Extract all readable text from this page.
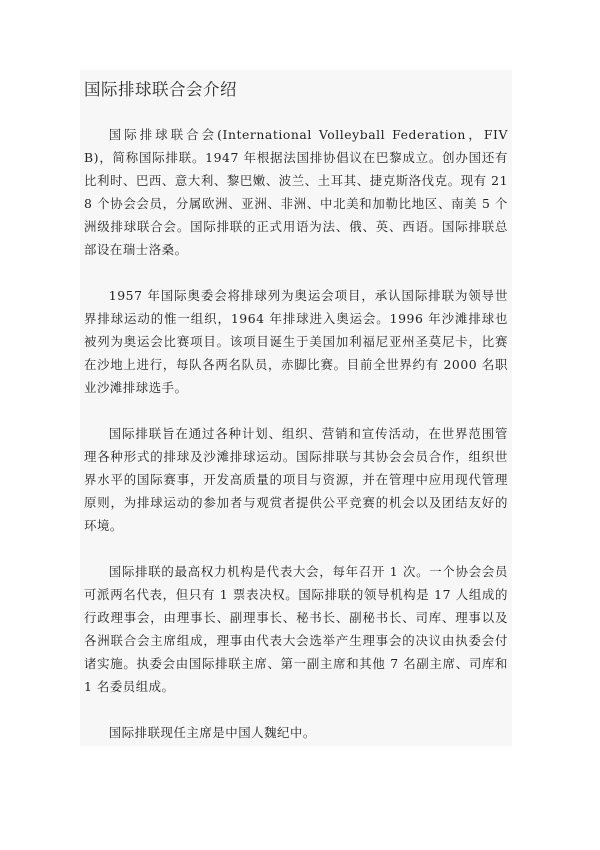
国际排球联合会介绍

国际排球联合会(International Volleyball Federation，FIVB)，简称国际排联。1947 年根据法国排协倡议在巴黎成立。创办国还有比利时、巴西、意大利、黎巴嫩、波兰、土耳其、捷克斯洛伐克。现有 218 个协会会员，分属欧洲、亚洲、非洲、中北美和加勒比地区、南美 5 个洲级排球联合会。国际排联的正式用语为法、俄、英、西语。国际排联总部设在瑞士洛桑。

1957 年国际奥委会将排球列为奥运会项目，承认国际排联为领导世界排球运动的惟一组织，1964 年排球进入奥运会。1996 年沙滩排球也被列为奥运会比赛项目。该项目诞生于美国加利福尼亚州圣莫尼卡，比赛在沙地上进行，每队各两名队员，赤脚比赛。目前全世界约有 2000 名职业沙滩排球选手。

国际排联旨在通过各种计划、组织、营销和宣传活动，在世界范围管理各种形式的排球及沙滩排球运动。国际排联与其协会会员合作，组织世界水平的国际赛事，开发高质量的项目与资源，并在管理中应用现代管理原则，为排球运动的参加者与观赏者提供公平竞赛的机会以及团结友好的环境。

国际排联的最高权力机构是代表大会，每年召开 1 次。一个协会会员可派两名代表，但只有 1 票表决权。国际排联的领导机构是 17 人组成的行政理事会，由理事长、副理事长、秘书长、副秘书长、司库、理事以及各洲联合会主席组成，理事由代表大会选举产生理事会的决议由执委会付诸实施。执委会由国际排联主席、第一副主席和其他 7 名副主席、司库和 1 名委员组成。

国际排联现任主席是中国人魏纪中。
